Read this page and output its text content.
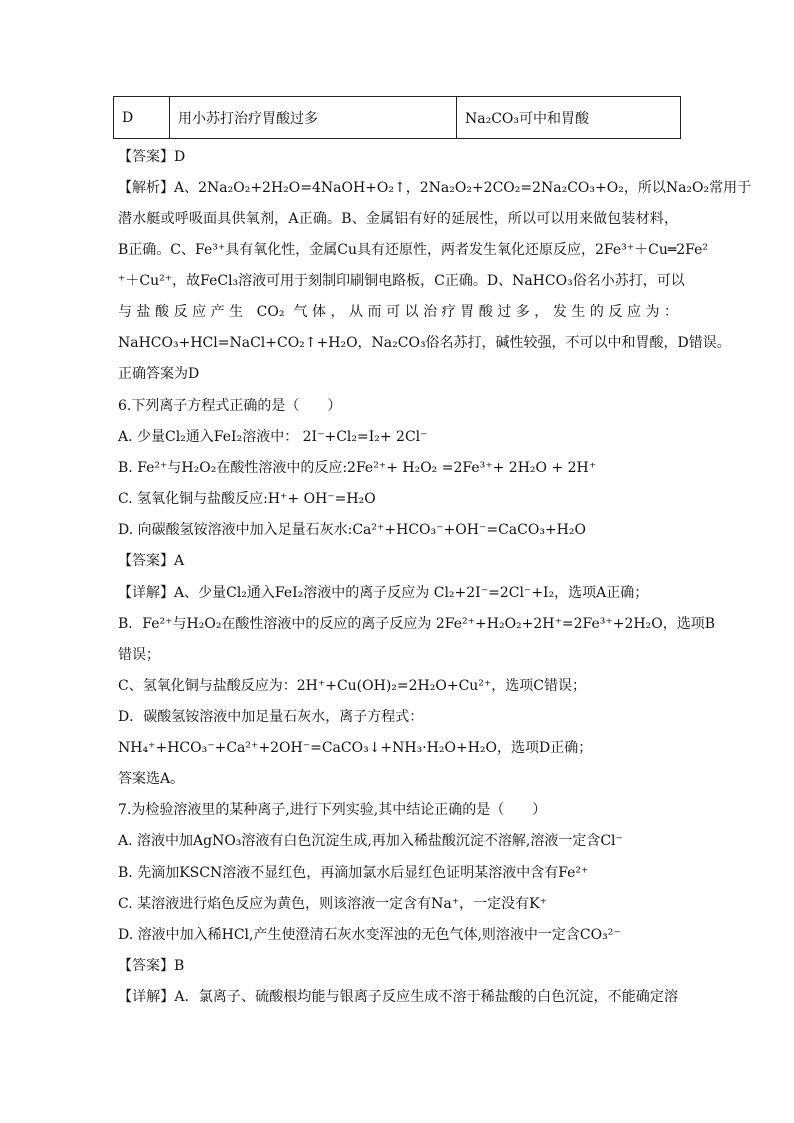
D	用小苏打治疗胃酸过多	Na₂CO₃可中和胃酸
【答案】D
【解析】A、2Na₂O₂+2H₂O=4NaOH+O₂↑，2Na₂O₂+2CO₂=2Na₂CO₃+O₂，所以Na₂O₂常用于
潜水艇或呼吸面具供氧剂，A正确。B、金属铝有好的延展性，所以可以用来做包装材料，
B正确。C、Fe³⁺具有氧化性，金属Cu具有还原性，两者发生氧化还原反应，2Fe³⁺＋Cu═2Fe²
⁺＋Cu²⁺，故FeCl₃溶液可用于刻制印刷铜电路板，C正确。D、NaHCO₃俗名小苏打，可以
与盐酸反应产生 CO₂ 气体，从而可以治疗胃酸过多，发生的反应为：
NaHCO₃+HCl=NaCl+CO₂↑+H₂O，Na₂CO₃俗名苏打，碱性较强，不可以中和胃酸，D错误。
正确答案为D
6.下列离子方程式正确的是（　　）
A. 少量Cl₂通入FeI₂溶液中： 2I⁻+Cl₂=I₂+ 2Cl⁻
B. Fe²⁺与H₂O₂在酸性溶液中的反应:2Fe²⁺+ H₂O₂ =2Fe³⁺+ 2H₂O + 2H⁺
C. 氢氧化铜与盐酸反应:H⁺+ OH⁻=H₂O
D. 向碳酸氢铵溶液中加入足量石灰水:Ca²⁺+HCO₃⁻+OH⁻=CaCO₃+H₂O
【答案】A
【详解】A、少量Cl₂通入FeI₂溶液中的离子反应为 Cl₂+2I⁻=2Cl⁻+I₂，选项A正确；
B．Fe²⁺与H₂O₂在酸性溶液中的反应的离子反应为 2Fe²⁺+H₂O₂+2H⁺=2Fe³⁺+2H₂O，选项B
错误；
C、氢氧化铜与盐酸反应为：2H⁺+Cu(OH)₂=2H₂O+Cu²⁺，选项C错误；
D．碳酸氢铵溶液中加足量石灰水，离子方程式：
NH₄⁺+HCO₃⁻+Ca²⁺+2OH⁻=CaCO₃↓+NH₃·H₂O+H₂O，选项D正确；
答案选A。
7.为检验溶液里的某种离子,进行下列实验,其中结论正确的是（　　）
A. 溶液中加AgNO₃溶液有白色沉淀生成,再加入稀盐酸沉淀不溶解,溶液一定含Cl⁻
B. 先滴加KSCN溶液不显红色，再滴加氯水后显红色证明某溶液中含有Fe²⁺
C. 某溶液进行焰色反应为黄色，则该溶液一定含有Na⁺，一定没有K⁺
D. 溶液中加入稀HCl,产生使澄清石灰水变浑浊的无色气体,则溶液中一定含CO₃²⁻
【答案】B
【详解】A．氯离子、硫酸根均能与银离子反应生成不溶于稀盐酸的白色沉淀，不能确定溶
